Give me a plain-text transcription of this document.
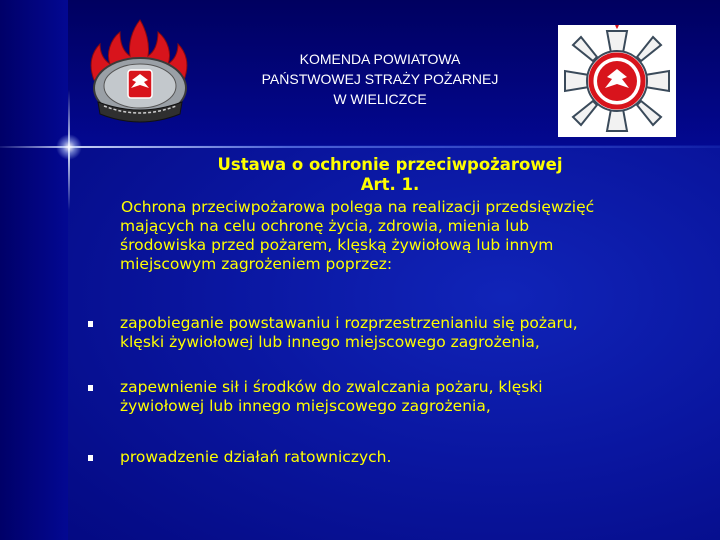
KOMENDA POWIATOWA
PAŃSTWOWEJ STRAŻY POŻARNEJ
W WIELICZCE
Ustawa o ochronie przeciwpożarowej
Art. 1.
Ochrona przeciwpożarowa polega na realizacji przedsięwzięć
mających na celu ochronę życia, zdrowia, mienia lub
środowiska przed pożarem, klęską żywiołową lub innym
miejscowym zagrożeniem poprzez:
zapobieganie powstawaniu i rozprzestrzenianiu się pożaru,
klęski żywiołowej lub innego miejscowego zagrożenia,
zapewnienie sił i środków do zwalczania pożaru, klęski
żywiołowej lub innego miejscowego zagrożenia,
prowadzenie działań ratowniczych.
